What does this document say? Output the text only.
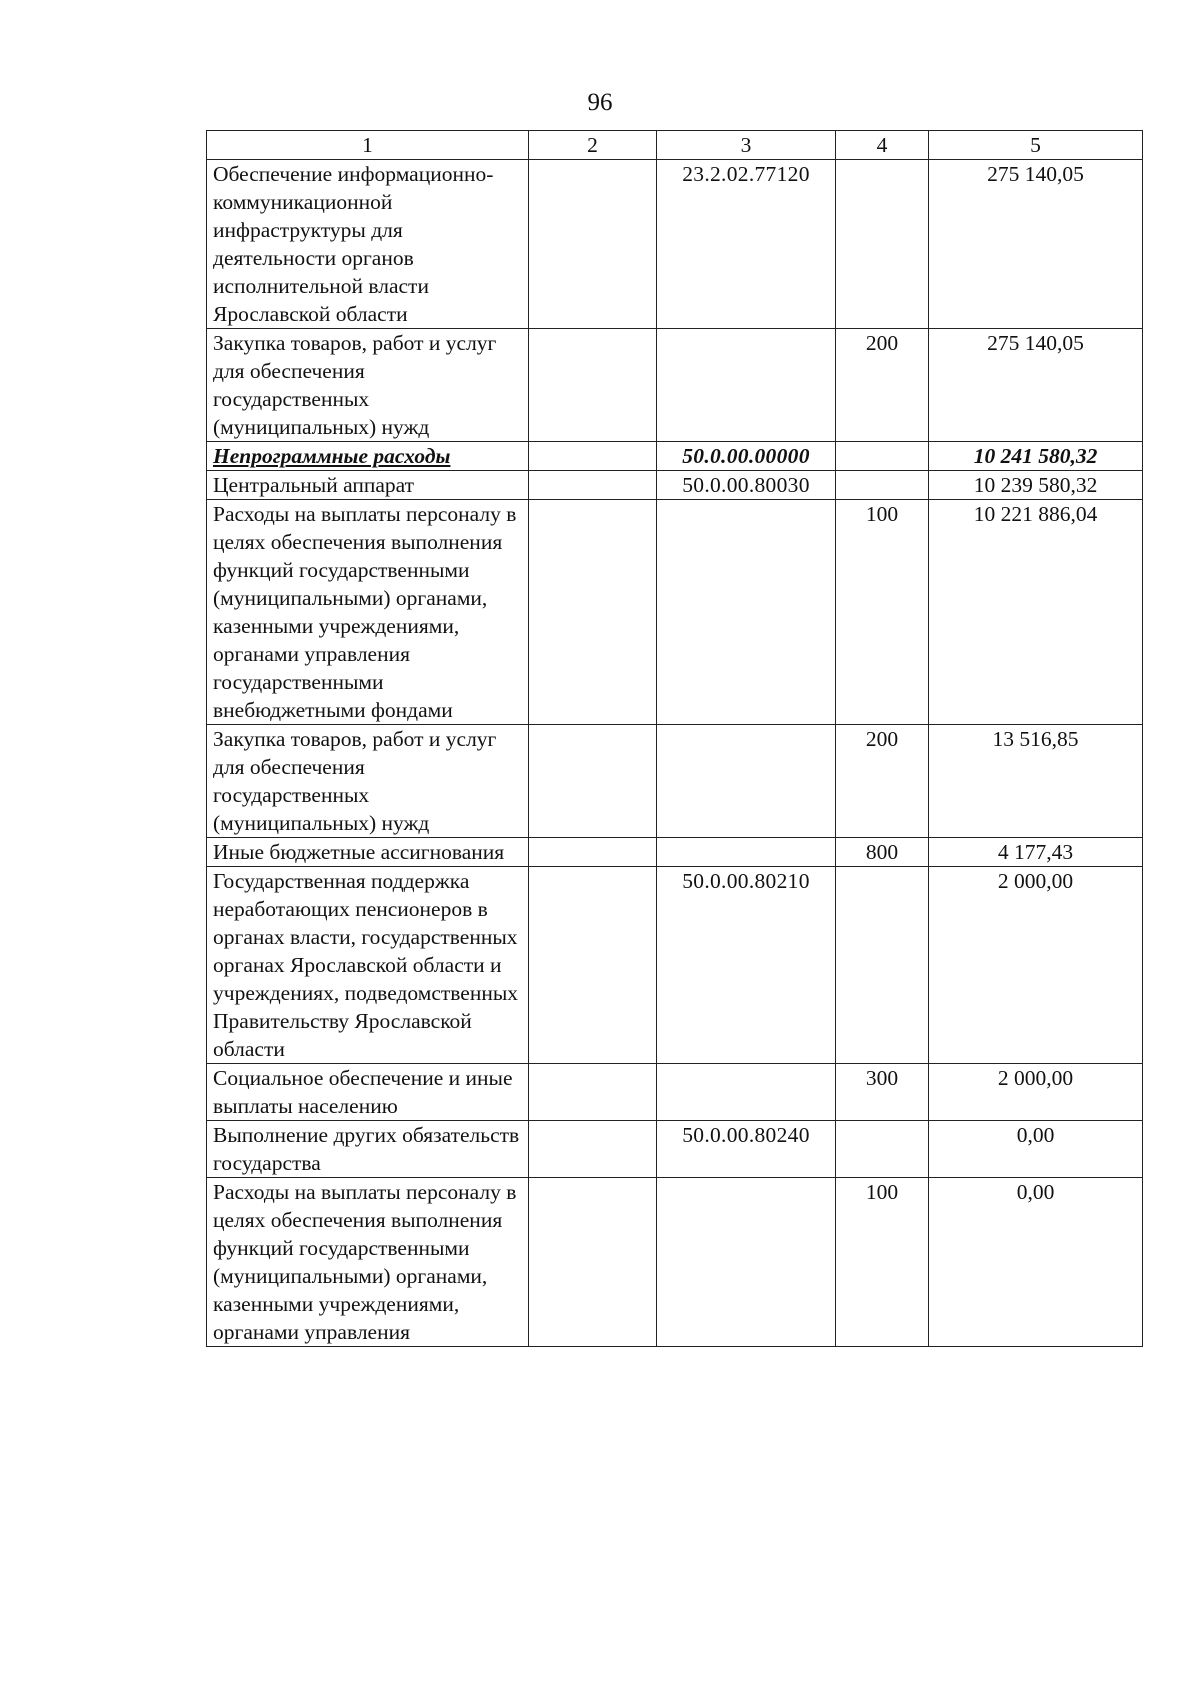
96
1	2	3	4	5
Обеспечение информационно-коммуникационной инфраструктуры для деятельности органов исполнительной власти Ярославской области		23.2.02.77120		275 140,05
Закупка товаров, работ и услуг для обеспечения государственных (муниципальных) нужд			200	275 140,05
Непрограммные расходы		50.0.00.00000		10 241 580,32
Центральный аппарат		50.0.00.80030		10 239 580,32
Расходы на выплаты персоналу в целях обеспечения выполнения функций государственными (муниципальными) органами, казенными учреждениями, органами управления государственными внебюджетными фондами			100	10 221 886,04
Закупка товаров, работ и услуг для обеспечения государственных (муниципальных) нужд			200	13 516,85
Иные бюджетные ассигнования			800	4 177,43
Государственная поддержка неработающих пенсионеров в органах власти, государственных органах Ярославской области и учреждениях, подведомственных Правительству Ярославской области		50.0.00.80210		2 000,00
Социальное обеспечение и иные выплаты населению			300	2 000,00
Выполнение других обязательств государства		50.0.00.80240		0,00
Расходы на выплаты персоналу в целях обеспечения выполнения функций государственными (муниципальными) органами, казенными учреждениями, органами управления			100	0,00
